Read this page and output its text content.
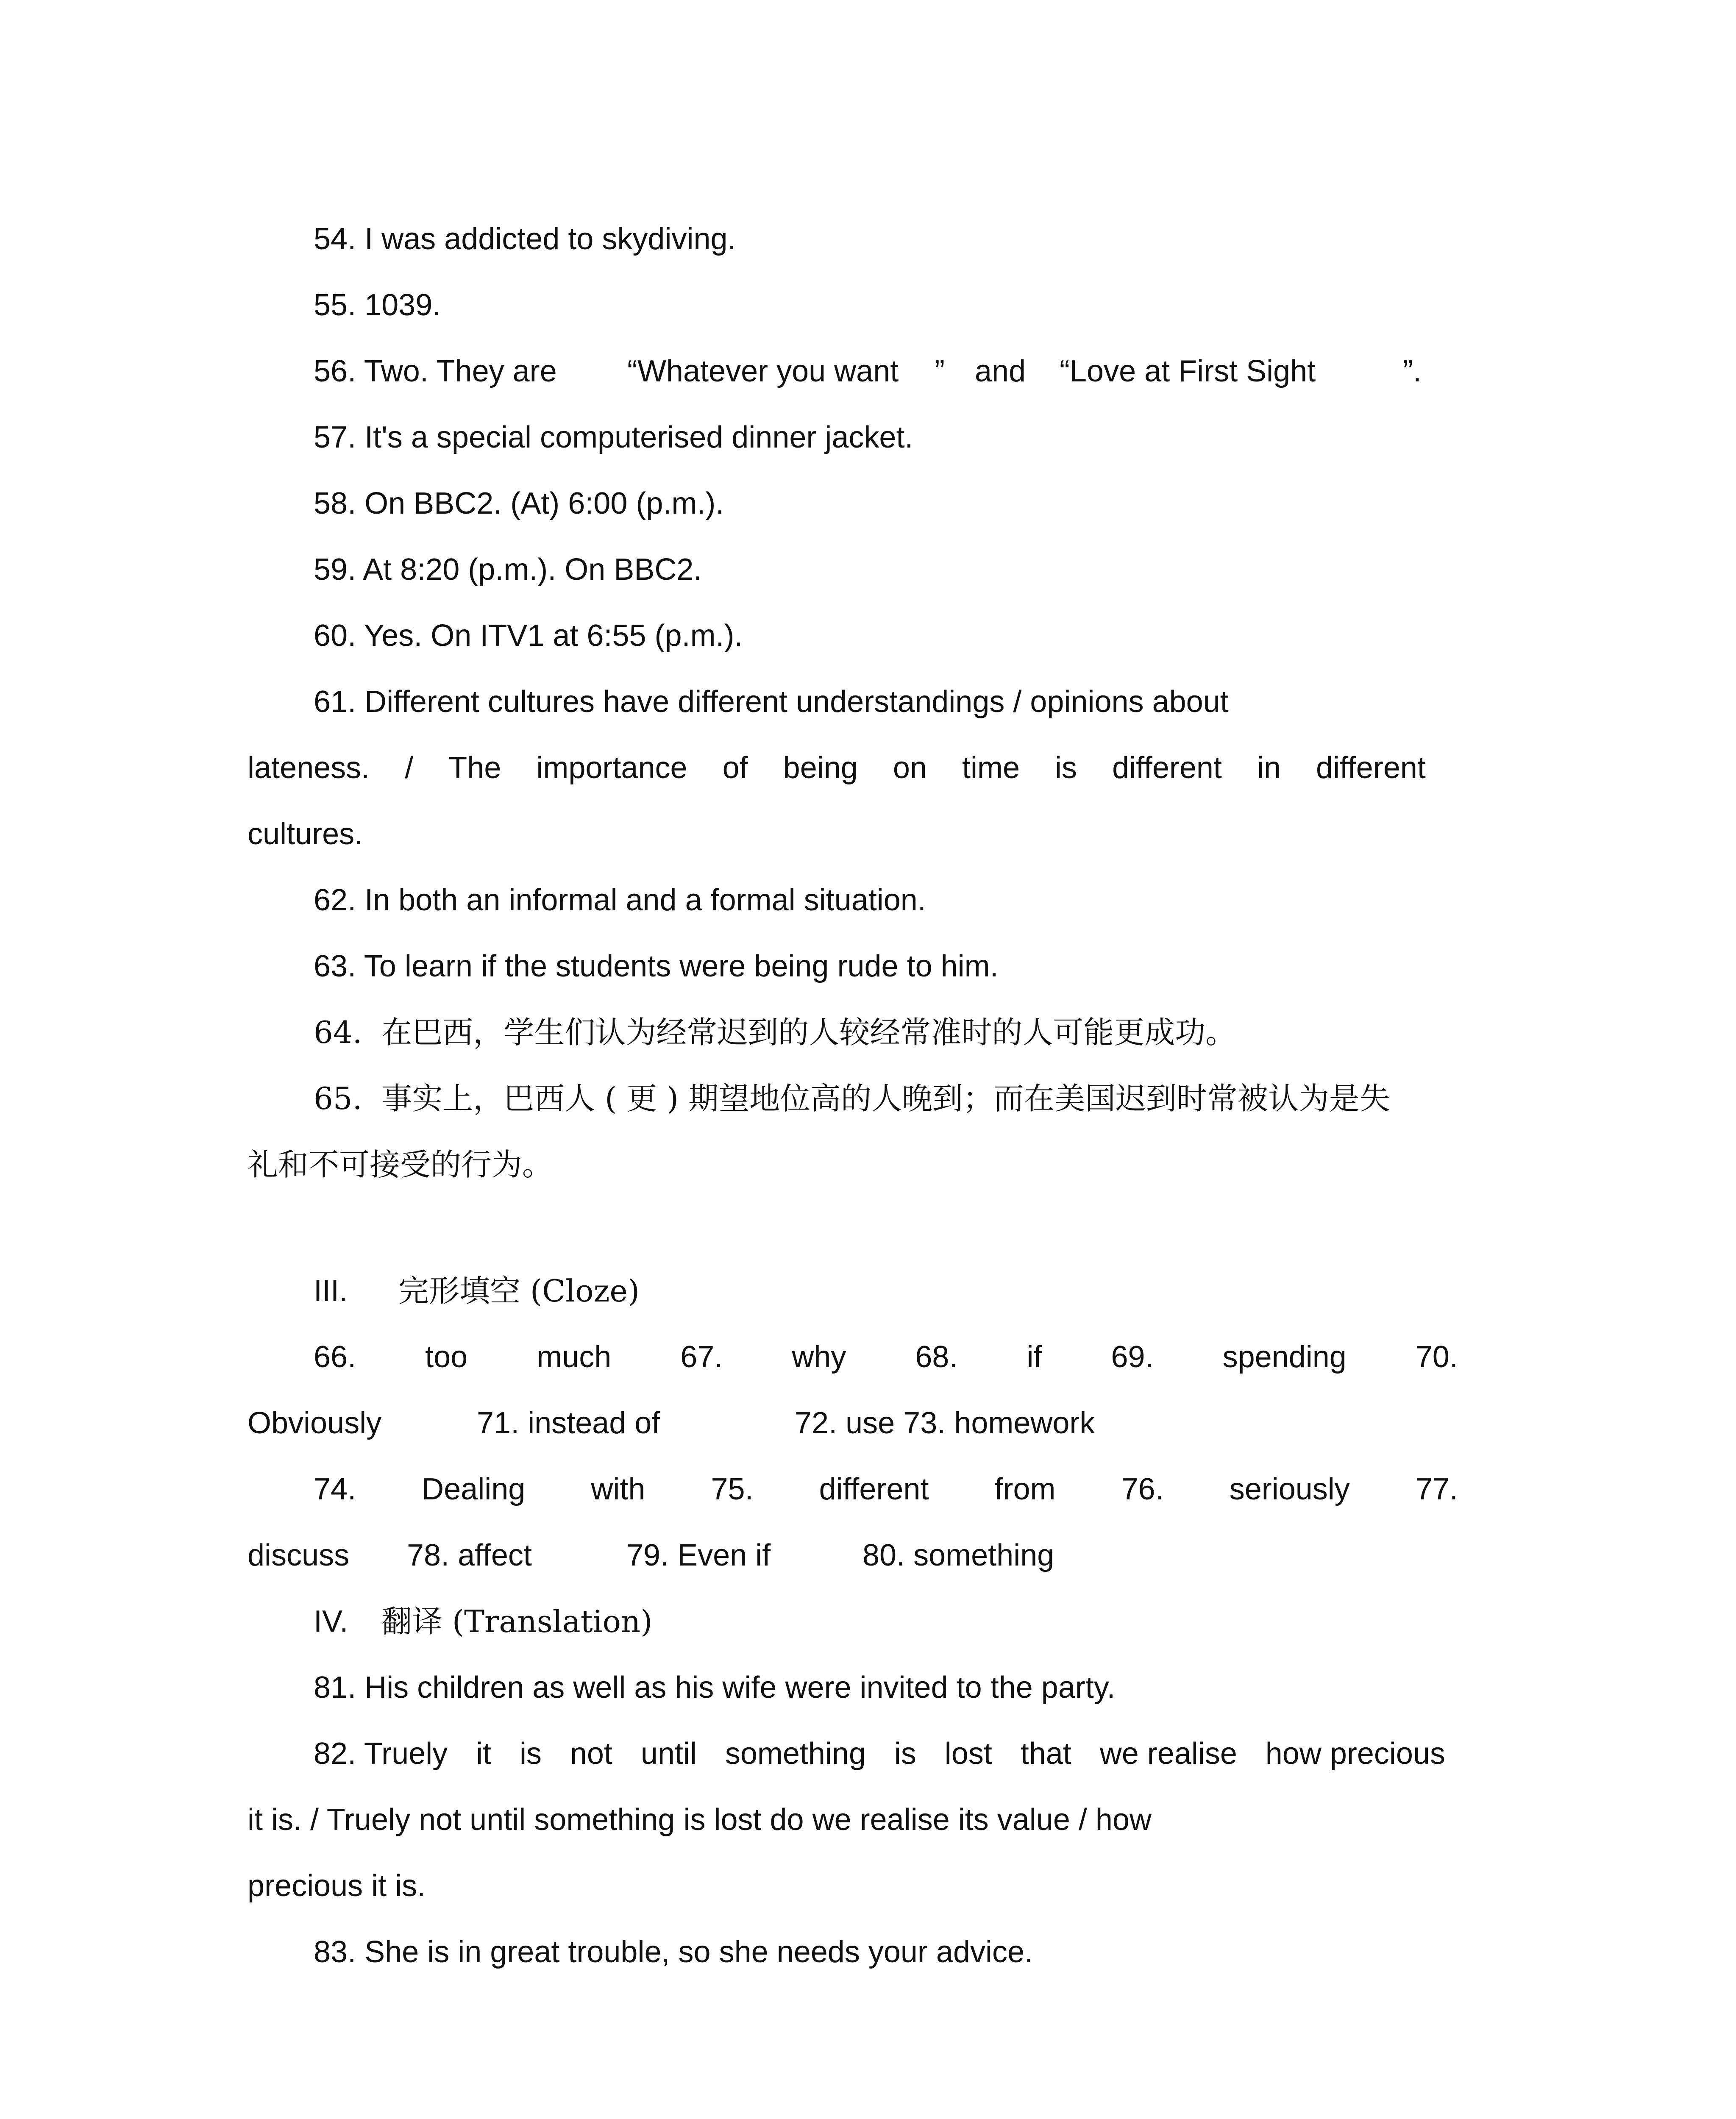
54. I was addicted to skydiving.
55. 1039.
56. Two. They are “Whatever you want ” and “Love at First Sight	”.
57. It's a special computerised dinner jacket.
58. On BBC2. (At) 6:00 (p.m.).
59. At 8:20 (p.m.). On BBC2.
60. Yes. On ITV1 at 6:55 (p.m.).
61. Different cultures have different understandings / opinions about
lateness. / The importance of being on time is different in different
cultures.
62. In both an informal and a formal situation.
63. To learn if the students were being rude to him.
64.  在巴西，学生们认为经常迟到的人较经常准时的人可能更成功。
65.  事实上，巴西人 ( 更 ) 期望地位高的人晚到；而在美国迟到时常被认为是失
礼和不可接受的行为。
III. 完形填空 (Cloze)
66. too much 67. why 68. if 69. spending 70.
Obviously	71. instead of	72. use 73. homework
74. Dealing with 75. different from 76. seriously 77.
discuss 78. affect	79. Even if	80. something
IV. 翻译 (Translation)
81. His children as well as his wife were invited to the party.
82. Truely it is not until something is lost that we realise how precious
it is. / Truely not until something is lost do we realise its value / how
precious it is.
83. She is in great trouble, so she needs your advice.
